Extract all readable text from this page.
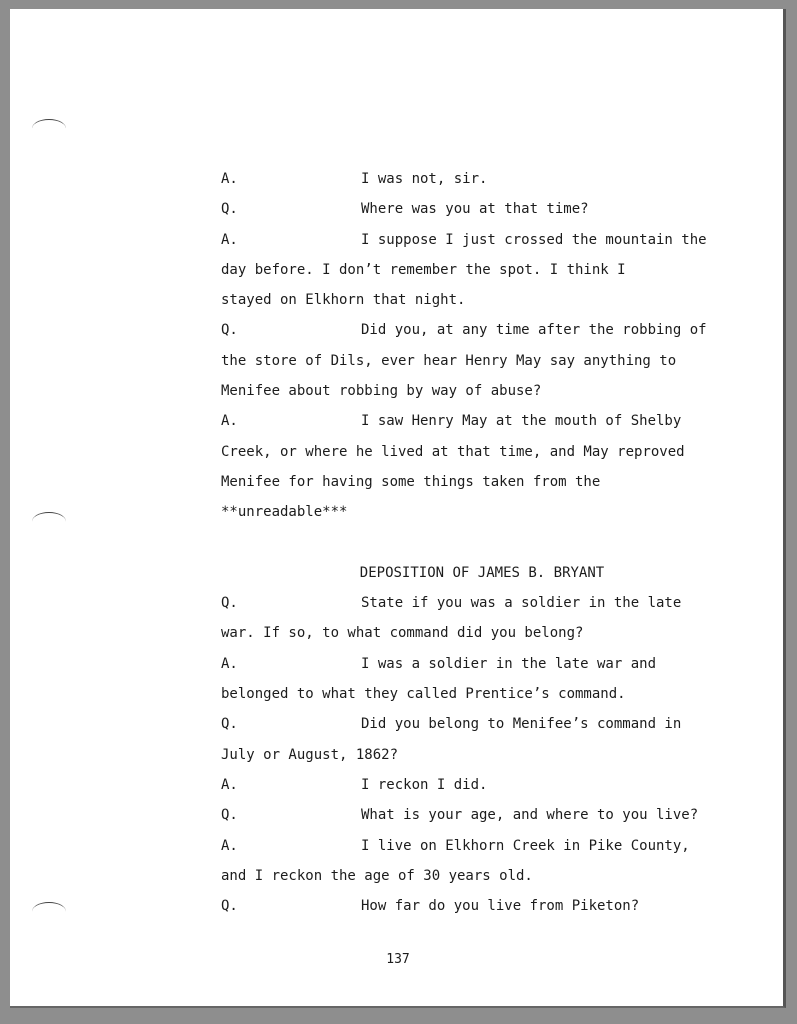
A.	I was not, sir.
Q.	Where was you at that time?
A.	I suppose I just crossed the mountain the
day before. I don’t remember the spot. I think I
stayed on Elkhorn that night.
Q.	Did you, at any time after the robbing of
the store of Dils, ever hear Henry May say anything to
Menifee about robbing by way of abuse?
A.	I saw Henry May at the mouth of Shelby
Creek, or where he lived at that time, and May reproved
Menifee for having some things taken from the
**unreadable***
DEPOSITION OF JAMES B. BRYANT
Q.	State if you was a soldier in the late
war. If so, to what command did you belong?
A.	I was a soldier in the late war and
belonged to what they called Prentice’s command.
Q.	Did you belong to Menifee’s command in
July or August, 1862?
A.	I reckon I did.
Q.	What is your age, and where to you live?
A.	I live on Elkhorn Creek in Pike County,
and I reckon the age of 30 years old.
Q.	How far do you live from Piketon?
137
